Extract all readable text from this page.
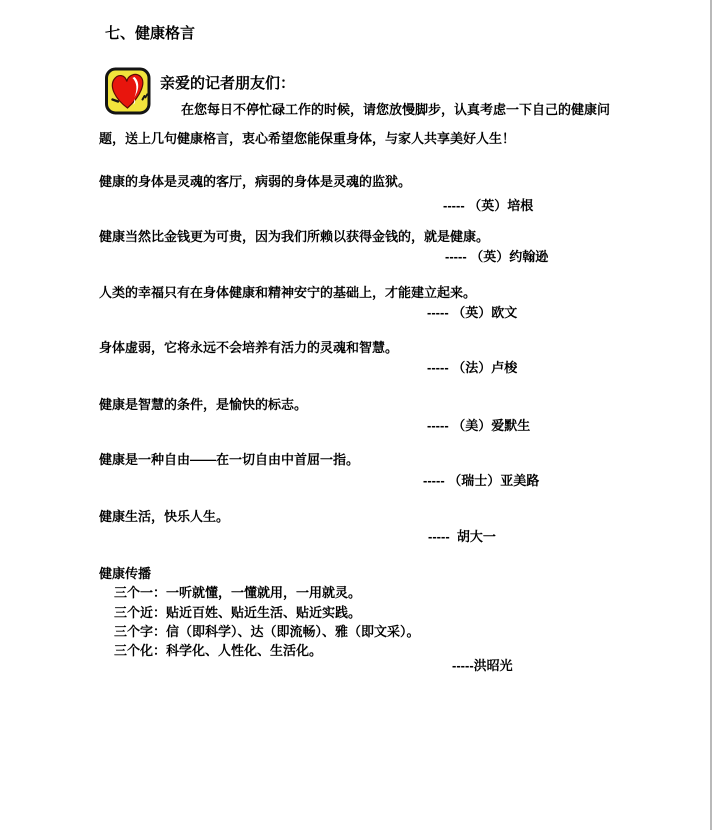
七、健康格言
亲爱的记者朋友们：
在您每日不停忙碌工作的时候，请您放慢脚步，认真考虑一下自己的健康问
题，送上几句健康格言，衷心希望您能保重身体，与家人共享美好人生！
健康的身体是灵魂的客厅，病弱的身体是灵魂的监狱。
----- （英）培根
健康当然比金钱更为可贵，因为我们所赖以获得金钱的，就是健康。
----- （英）约翰逊
人类的幸福只有在身体健康和精神安宁的基础上，才能建立起来。
----- （英）欧文
身体虚弱，它将永远不会培养有活力的灵魂和智慧。
----- （法）卢梭
健康是智慧的条件，是愉快的标志。
----- （美）爱默生
健康是一种自由——在一切自由中首屈一指。
----- （瑞士）亚美路
健康生活，快乐人生。
-----  胡大一
健康传播
三个一：一听就懂，一懂就用，一用就灵。
三个近：贴近百姓、贴近生活、贴近实践。
三个字：信（即科学）、达（即流畅）、雅（即文采）。
三个化：科学化、人性化、生活化。
-----洪昭光
